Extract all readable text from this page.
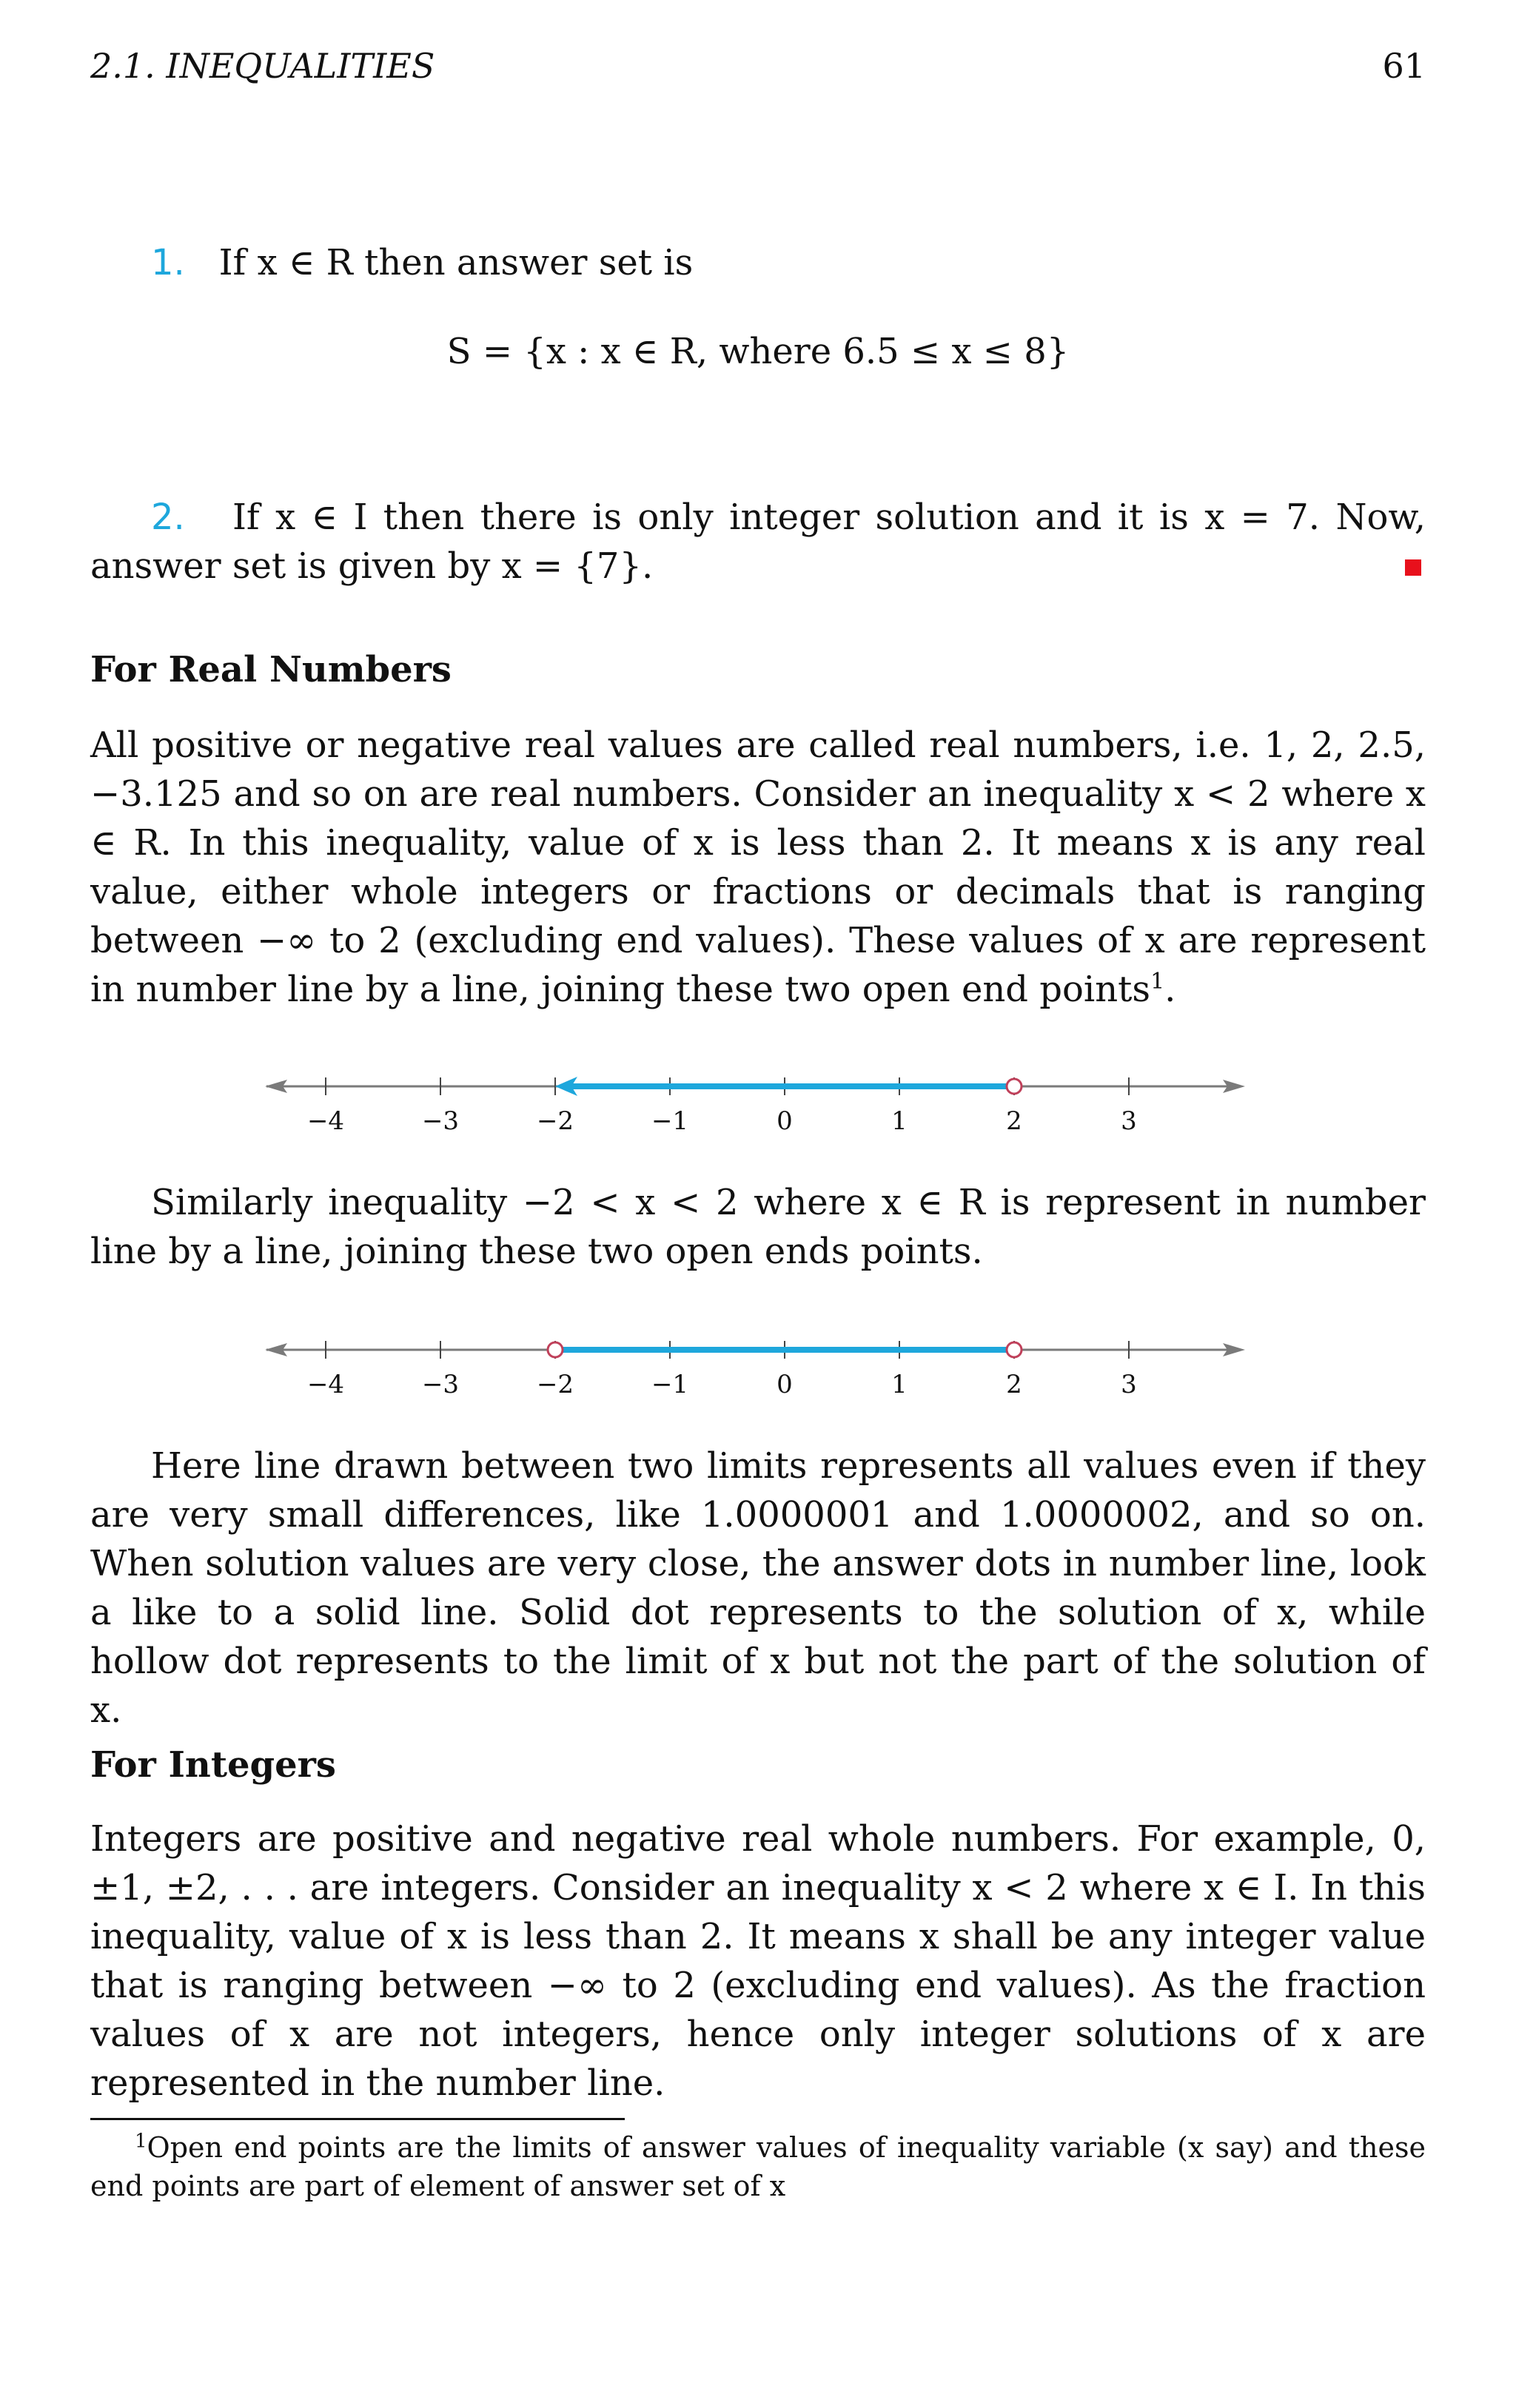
2.1. INEQUALITIES	61

1. If x ∈ R then answer set is

S = {x : x ∈ R, where 6.5 ≤ x ≤ 8}

2. If x ∈ I then there is only integer solution and it is x = 7. Now, answer set is given by x = {7}.

For Real Numbers

All positive or negative real values are called real numbers, i.e. 1, 2, 2.5, −3.125 and so on are real numbers. Consider an inequality x < 2 where x ∈ R. In this inequality, value of x is less than 2. It means x is any real value, either whole integers or fractions or decimals that is ranging between −∞ to 2 (excluding end values). These values of x are represent in number line by a line, joining these two open end points$^1$.

−4	−3	−2	−1	0	1	2	3

Similarly inequality −2 < x < 2 where x ∈ R is represent in number line by a line, joining these two open ends points.

−4	−3	−2	−1	0	1	2	3

Here line drawn between two limits represents all values even if they are very small differences, like 1.0000001 and 1.0000002, and so on. When solution values are very close, the answer dots in number line, look a like to a solid line. Solid dot represents to the solution of x, while hollow dot represents to the limit of x but not the part of the solution of x.

For Integers

Integers are positive and negative real whole numbers. For example, 0, ±1, ±2, . . . are integers. Consider an inequality x < 2 where x ∈ I. In this inequality, value of x is less than 2. It means x shall be any integer value that is ranging between −∞ to 2 (excluding end values). As the fraction values of x are not integers, hence only integer solutions of x are represented in the number line.

$^1$Open end points are the limits of answer values of inequality variable (x say) and these end points are part of element of answer set of x
